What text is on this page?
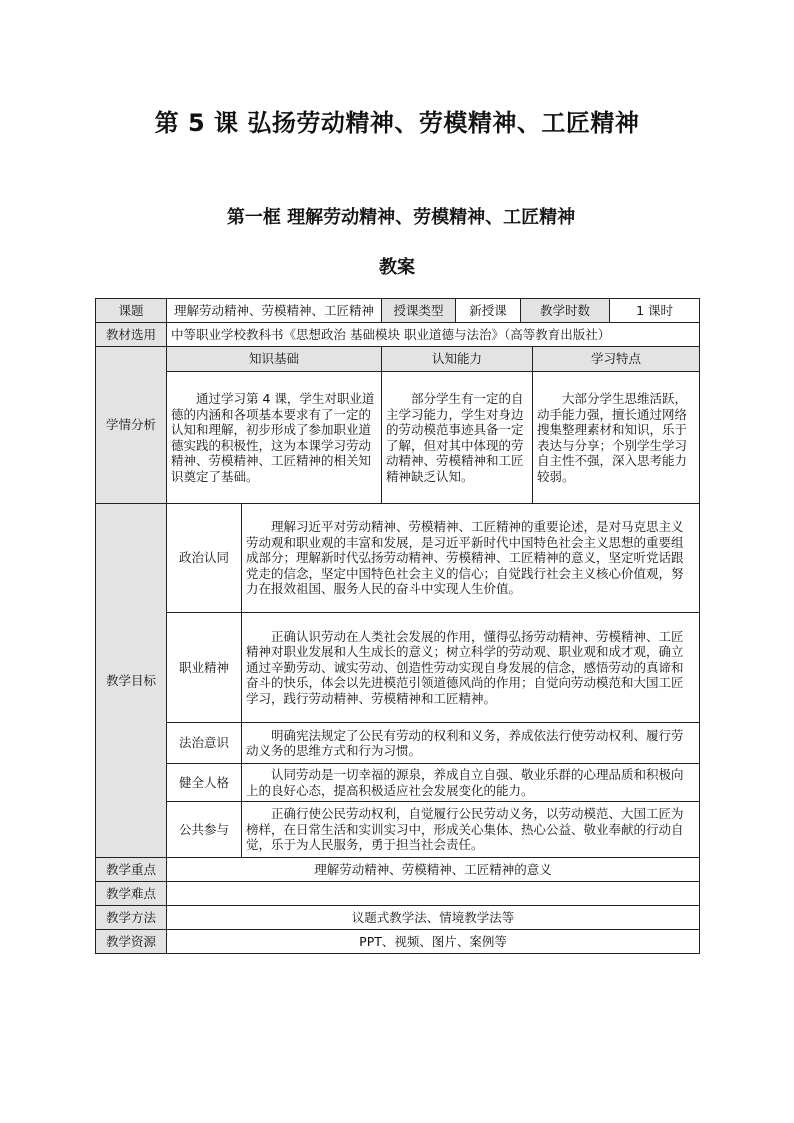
第 5 课 弘扬劳动精神、劳模精神、工匠精神
第一框 理解劳动精神、劳模精神、工匠精神
教案
课题	理解劳动精神、劳模精神、工匠精神		授课类型	新授课	教学时数		1 课时
教材选用	中等职业学校教科书《思想政治 基础模块 职业道德与法治》（高等教育出版社）						
学情分析	知识基础		认知能力			学习特点	
	通过学习第 4 课，学生对职业道德的内涵和各项基本要求有了一定的认知和理解，初步形成了参加职业道德实践的积极性，这为本课学习劳动精神、劳模精神、工匠精神的相关知识奠定了基础。		部分学生有一定的自主学习能力，学生对身边的劳动模范事迹具备一定了解，但对其中体现的劳动精神、劳模精神和工匠精神缺乏认知。			大部分学生思维活跃，动手能力强，擅长通过网络搜集整理素材和知识，乐于表达与分享；个别学生学习自主性不强，深入思考能力较弱。	
教学目标	政治认同	理解习近平对劳动精神、劳模精神、工匠精神的重要论述，是对马克思主义劳动观和职业观的丰富和发展，是习近平新时代中国特色社会主义思想的重要组成部分；理解新时代弘扬劳动精神、劳模精神、工匠精神的意义，坚定听党话跟党走的信念，坚定中国特色社会主义的信心；自觉践行社会主义核心价值观，努力在报效祖国、服务人民的奋斗中实现人生价值。					
	职业精神	正确认识劳动在人类社会发展的作用，懂得弘扬劳动精神、劳模精神、工匠精神对职业发展和人生成长的意义；树立科学的劳动观、职业观和成才观，确立通过辛勤劳动、诚实劳动、创造性劳动实现自身发展的信念，感悟劳动的真谛和奋斗的快乐，体会以先进模范引领道德风尚的作用；自觉向劳动模范和大国工匠学习，践行劳动精神、劳模精神和工匠精神。					
	法治意识	明确宪法规定了公民有劳动的权利和义务，养成依法行使劳动权利、履行劳动义务的思维方式和行为习惯。					
	健全人格	认同劳动是一切幸福的源泉，养成自立自强、敬业乐群的心理品质和积极向上的良好心态，提高积极适应社会发展变化的能力。					
	公共参与	正确行使公民劳动权利，自觉履行公民劳动义务，以劳动模范、大国工匠为榜样，在日常生活和实训实习中，形成关心集体、热心公益、敬业奉献的行动自觉，乐于为人民服务，勇于担当社会责任。					
教学重点	理解劳动精神、劳模精神、工匠精神的意义						
教学难点							
教学方法	议题式教学法、情境教学法等						
教学资源	PPT、视频、图片、案例等						
